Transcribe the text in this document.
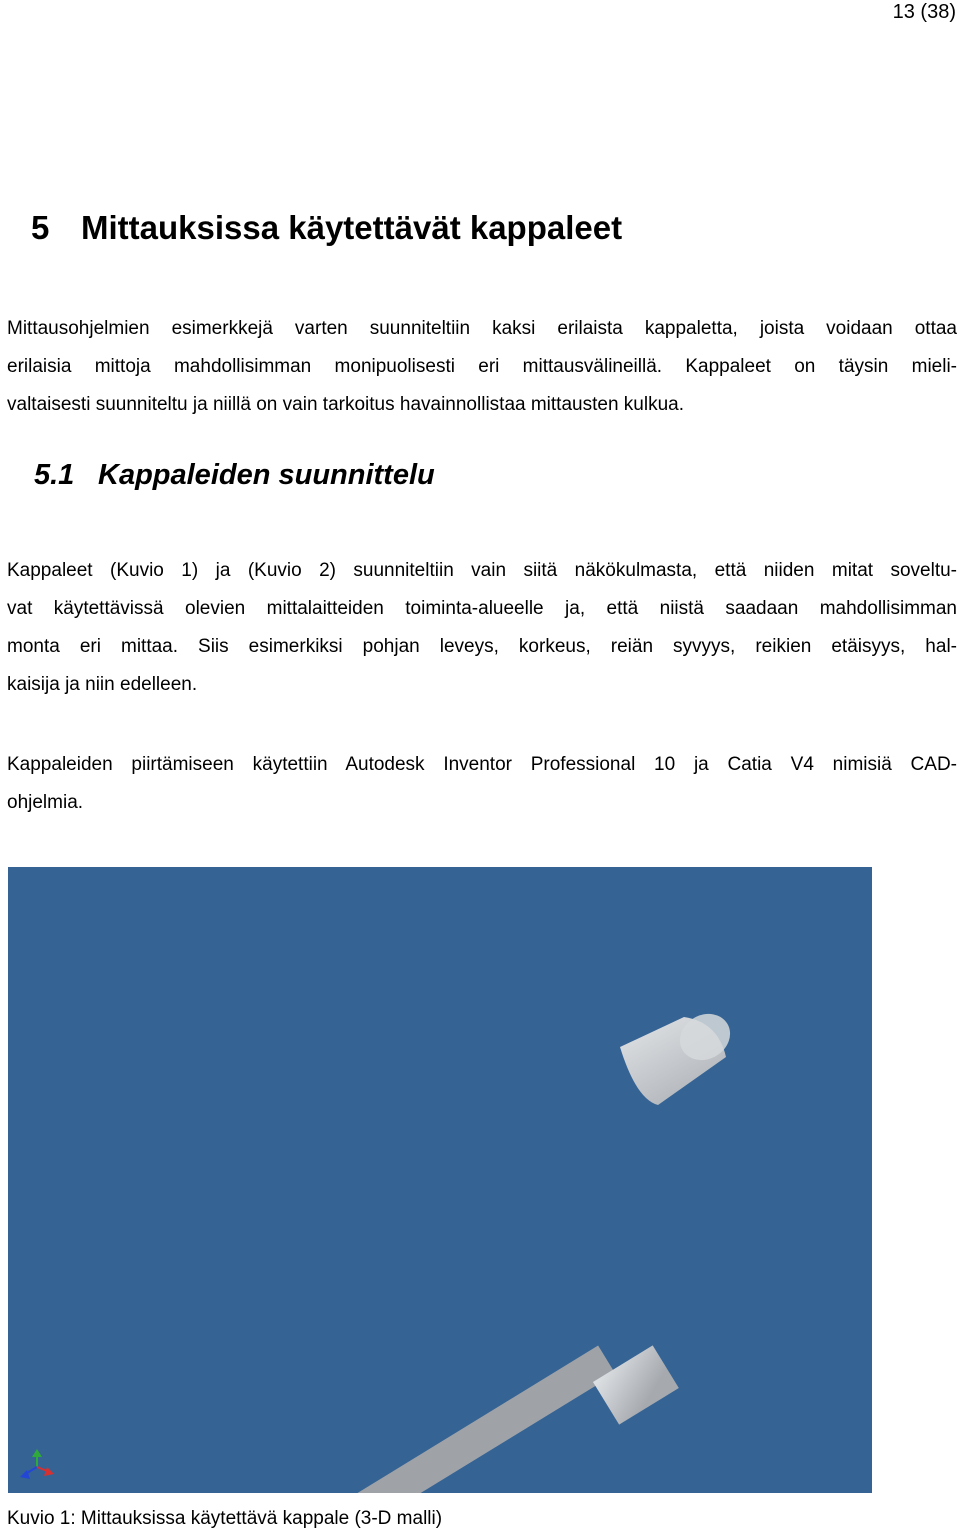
13 (38)
5 Mittauksissa käytettävät kappaleet
Mittausohjelmien esimerkkejä varten suunniteltiin kaksi erilaista kappaletta, joista voidaan ottaa
erilaisia mittoja mahdollisimman monipuolisesti eri mittausvälineillä. Kappaleet on täysin mieli-
valtaisesti suunniteltu ja niillä on vain tarkoitus havainnollistaa mittausten kulkua.
5.1 Kappaleiden suunnittelu
Kappaleet (Kuvio 1) ja (Kuvio 2) suunniteltiin vain siitä näkökulmasta, että niiden mitat soveltu-
vat käytettävissä olevien mittalaitteiden toiminta-alueelle ja, että niistä saadaan mahdollisimman
monta eri mittaa. Siis esimerkiksi pohjan leveys, korkeus, reiän syvyys, reikien etäisyys, hal-
kaisija ja niin edelleen.
Kappaleiden piirtämiseen käytettiin Autodesk Inventor Professional 10 ja Catia V4 nimisiä CAD-
ohjelmia.
Kuvio 1: Mittauksissa käytettävä kappale (3-D malli)
